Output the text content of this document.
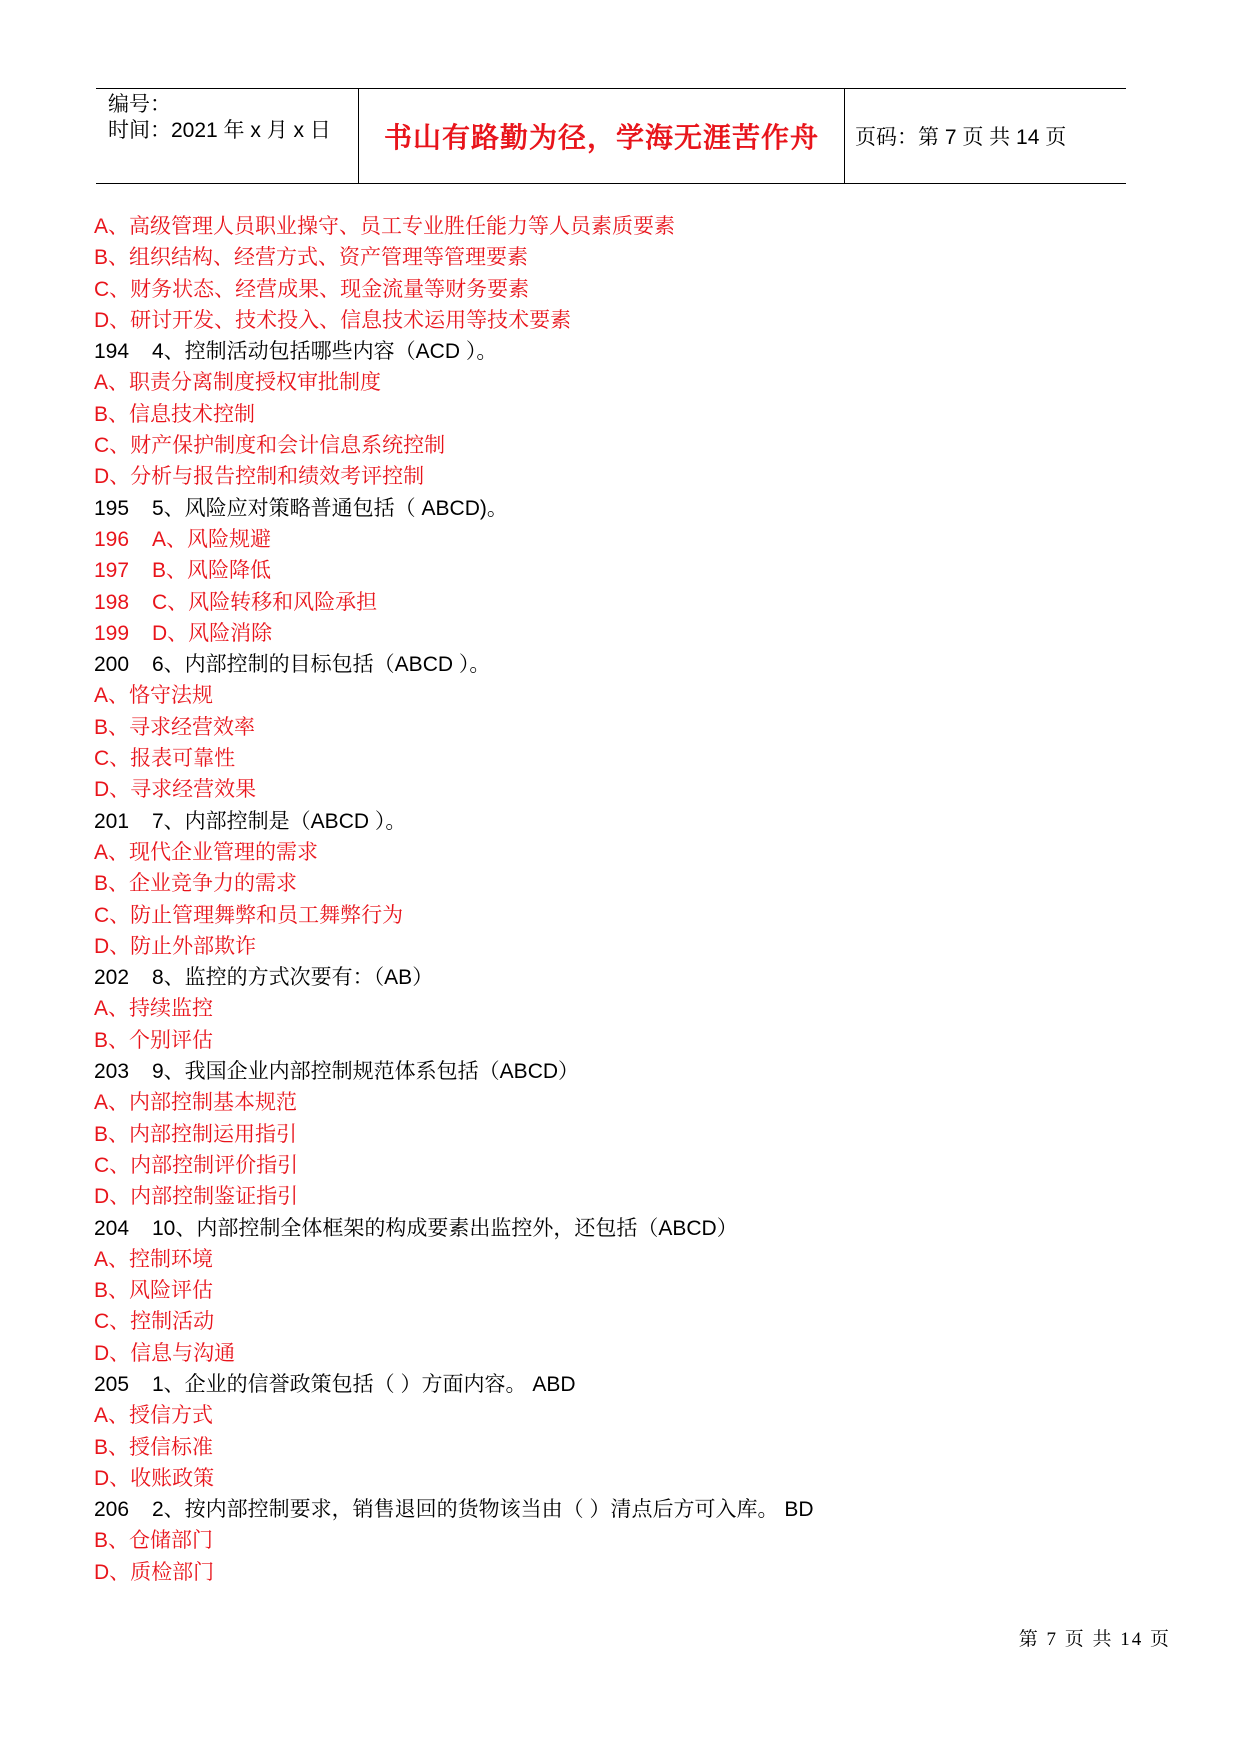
编号：
时间：2021 年 x 月 x 日 书山有路勤为径，学海无涯苦作舟 页码：第 7 页 共 14 页
A、高级管理人员职业操守、员工专业胜任能力等人员素质要素
B、组织结构、经营方式、资产管理等管理要素
C、财务状态、经营成果、现金流量等财务要素
D、研讨开发、技术投入、信息技术运用等技术要素
194 4、控制活动包括哪些内容（ACD ）。
A、职责分离制度授权审批制度
B、信息技术控制
C、财产保护制度和会计信息系统控制
D、分析与报告控制和绩效考评控制
195 5、风险应对策略普通包括（ ABCD)。
196 A、风险规避
197 B、风险降低
198 C、风险转移和风险承担
199 D、风险消除
200 6、内部控制的目标包括（ABCD ）。
A、恪守法规
B、寻求经营效率
C、报表可靠性
D、寻求经营效果
201 7、内部控制是（ABCD ）。
A、现代企业管理的需求
B、企业竞争力的需求
C、防止管理舞弊和员工舞弊行为
D、防止外部欺诈
202 8、监控的方式次要有：（AB）
A、持续监控
B、个别评估
203 9、我国企业内部控制规范体系包括（ABCD）
A、内部控制基本规范
B、内部控制运用指引
C、内部控制评价指引
D、内部控制鉴证指引
204 10、内部控制全体框架的构成要素出监控外，还包括（ABCD）
A、控制环境
B、风险评估
C、控制活动
D、信息与沟通
205 1、企业的信誉政策包括（ ）方面内容。 ABD
A、授信方式
B、授信标准
D、收账政策
206 2、按内部控制要求，销售退回的货物该当由（ ）清点后方可入库。 BD
B、仓储部门
D、质检部门
第 7 页 共 14 页
